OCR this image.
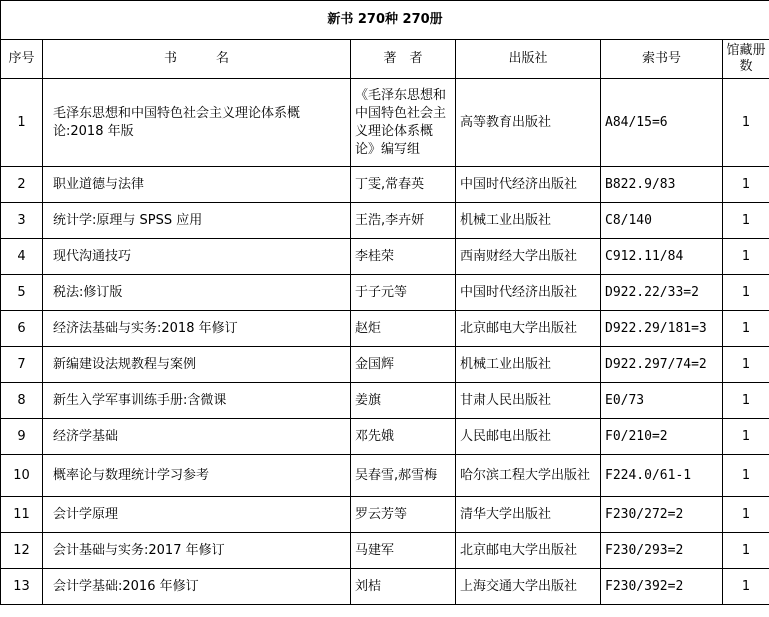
新书 270种 270册					
序号	书　　　名	著　者	出版社	索书号	馆藏册数
1	毛泽东思想和中国特色社会主义理论体系概论:2018 年版	《毛泽东思想和中国特色社会主义理论体系概论》编写组	高等教育出版社	A84/15=6	1
2	职业道德与法律	丁雯,常春英	中国时代经济出版社	B822.9/83	1
3	统计学:原理与 SPSS 应用	王浩,李卉妍	机械工业出版社	C8/140	1
4	现代沟通技巧	李桂荣	西南财经大学出版社	C912.11/84	1
5	税法:修订版	于子元等	中国时代经济出版社	D922.22/33=2	1
6	经济法基础与实务:2018 年修订	赵炬	北京邮电大学出版社	D922.29/181=3	1
7	新编建设法规教程与案例	金国辉	机械工业出版社	D922.297/74=2	1
8	新生入学军事训练手册:含微课	姜旗	甘肃人民出版社	E0/73	1
9	经济学基础	邓先娥	人民邮电出版社	F0/210=2	1
10	概率论与数理统计学习参考	吴春雪,郝雪梅	哈尔滨工程大学出版社	F224.0/61-1	1
11	会计学原理	罗云芳等	清华大学出版社	F230/272=2	1
12	会计基础与实务:2017 年修订	马建军	北京邮电大学出版社	F230/293=2	1
13	会计学基础:2016 年修订	刘桔	上海交通大学出版社	F230/392=2	1
